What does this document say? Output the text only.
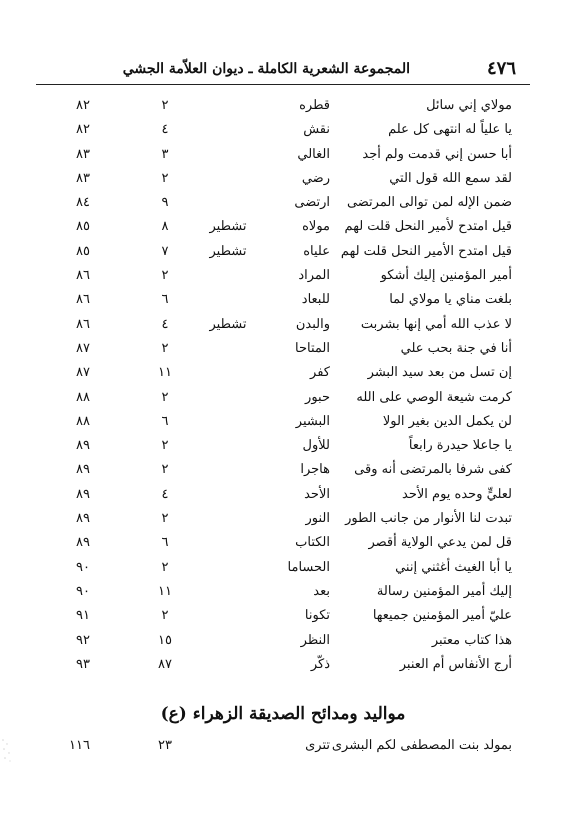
٤٧٦
المجموعة الشعرية الكاملة ـ ديوان العلاّمة الجشي
مولاي إني سائل
قطره
٢
٨٢
يا علياً له انتهى كل علم
نقش
٤
٨٢
أبا حسن إني قدمت ولم أجد
الغالي
٣
٨٣
لقد سمع الله قول التي
رضي
٢
٨٣
ضمن الإله لمن توالى المرتضى
ارتضى
٩
٨٤
قيل امتدح لأمير النحل قلت لهم
مولاه
تشطير
٨
٨٥
قيل امتدح الأمير النحل قلت لهم
علياه
تشطير
٧
٨٥
أمير المؤمنين إليك أشكو
المراد
٢
٨٦
بلغت مناي يا مولاي لما
للبعاد
٦
٨٦
لا عذب الله أمي إنها بشربت
والبدن
تشطير
٤
٨٦
أنا في جنة بحب علي
المتاحا
٢
٨٧
إن تسل من بعد سيد البشر
كفر
١١
٨٧
كرمت شيعة الوصي على الله
حبور
٢
٨٨
لن يكمل الدين بغير الولا
البشير
٦
٨٨
يا جاعلا حيدرة رابعاً
للأول
٢
٨٩
كفى شرفا بالمرتضى أنه وقى
هاجرا
٢
٨٩
لعليٍّ وحده يوم الأحد
الأحد
٤
٨٩
تبدت لنا الأنوار من جانب الطور
النور
٢
٨٩
قل لمن يدعي الولاية أقصر
الكتاب
٦
٨٩
يا أبا الغيث أغثني إنني
الحساما
٢
٩٠
إليك أمير المؤمنين رسالة
بعد
١١
٩٠
عليّ أمير المؤمنين جميعها
تكونا
٢
٩١
هذا كتاب معتبر
النظر
١٥
٩٢
أرج الأنفاس أم العنبر
ذكّر
٨٧
٩٣
مواليد ومدائح الصديقة الزهراء (ع)
بمولد بنت المصطفى لكم البشرى
تترى
٢٣
١١٦
